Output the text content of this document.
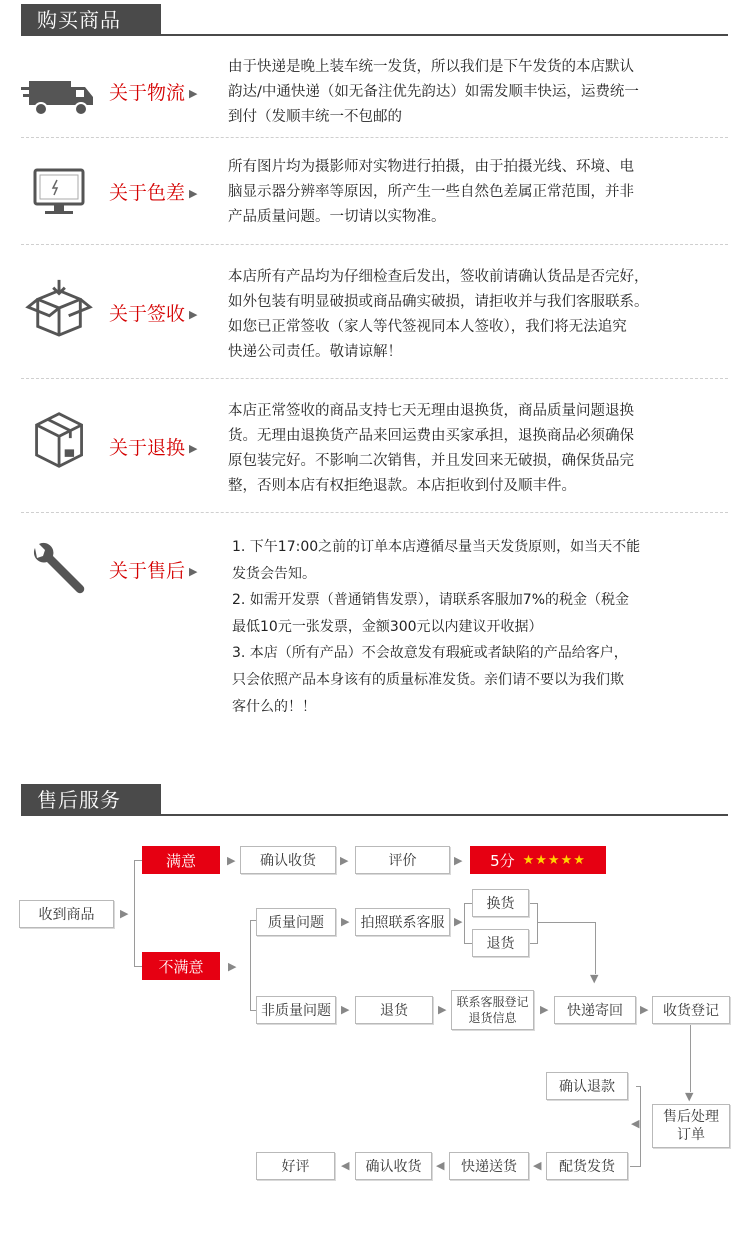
购买商品
关于物流 ▶

由于快递是晚上装车统一发货，所以我们是下午发货的本店默认

韵达/中通快递（如无备注优先韵达）如需发顺丰快运，运费统一

到付（发顺丰统一不包邮的

关于色差 ▶

所有图片均为摄影师对实物进行拍摄，由于拍摄光线、环境、电

脑显示器分辨率等原因，所产生一些自然色差属正常范围，并非

产品质量问题。一切请以实物准。

关于签收 ▶

本店所有产品均为仔细检查后发出，签收前请确认货品是否完好，

如外包装有明显破损或商品确实破损，请拒收并与我们客服联系。

如您已正常签收（家人等代签视同本人签收），我们将无法追究

快递公司责任。敬请谅解！

关于退换 ▶

本店正常签收的商品支持七天无理由退换货，商品质量问题退换

货。无理由退换货产品来回运费由买家承担，退换商品必须确保

原包装完好。不影响二次销售，并且发回来无破损，确保货品完

整，否则本店有权拒绝退款。本店拒收到付及顺丰件。

关于售后 ▶

1. 下午17:00之前的订单本店遵循尽量当天发货原则，如当天不能

发货会告知。

2. 如需开发票（普通销售发票），请联系客服加7%的税金（税金

最低10元一张发票，金额300元以内建议开收据）

3. 本店（所有产品）不会故意发有瑕疵或者缺陷的产品给客户，

只会依照产品本身该有的质量标准发货。亲们请不要以为我们欺

客什么的！！

售后服务
▼
▼
收到商品	▶
满意	▶	确认收货	▶	评价	▶ 5分 ★★★★★
不满意	▶
质量问题	▶ 拍照联系客服 ▶
换货
退货
非质量问题 ▶	退货	▶
联系客服登记
退货信息
▶	快递寄回	▶	收货登记
确认退款
◀ 售后处理
订单
配货发货
◀
快递送货
◀
确认收货
◀
好评
